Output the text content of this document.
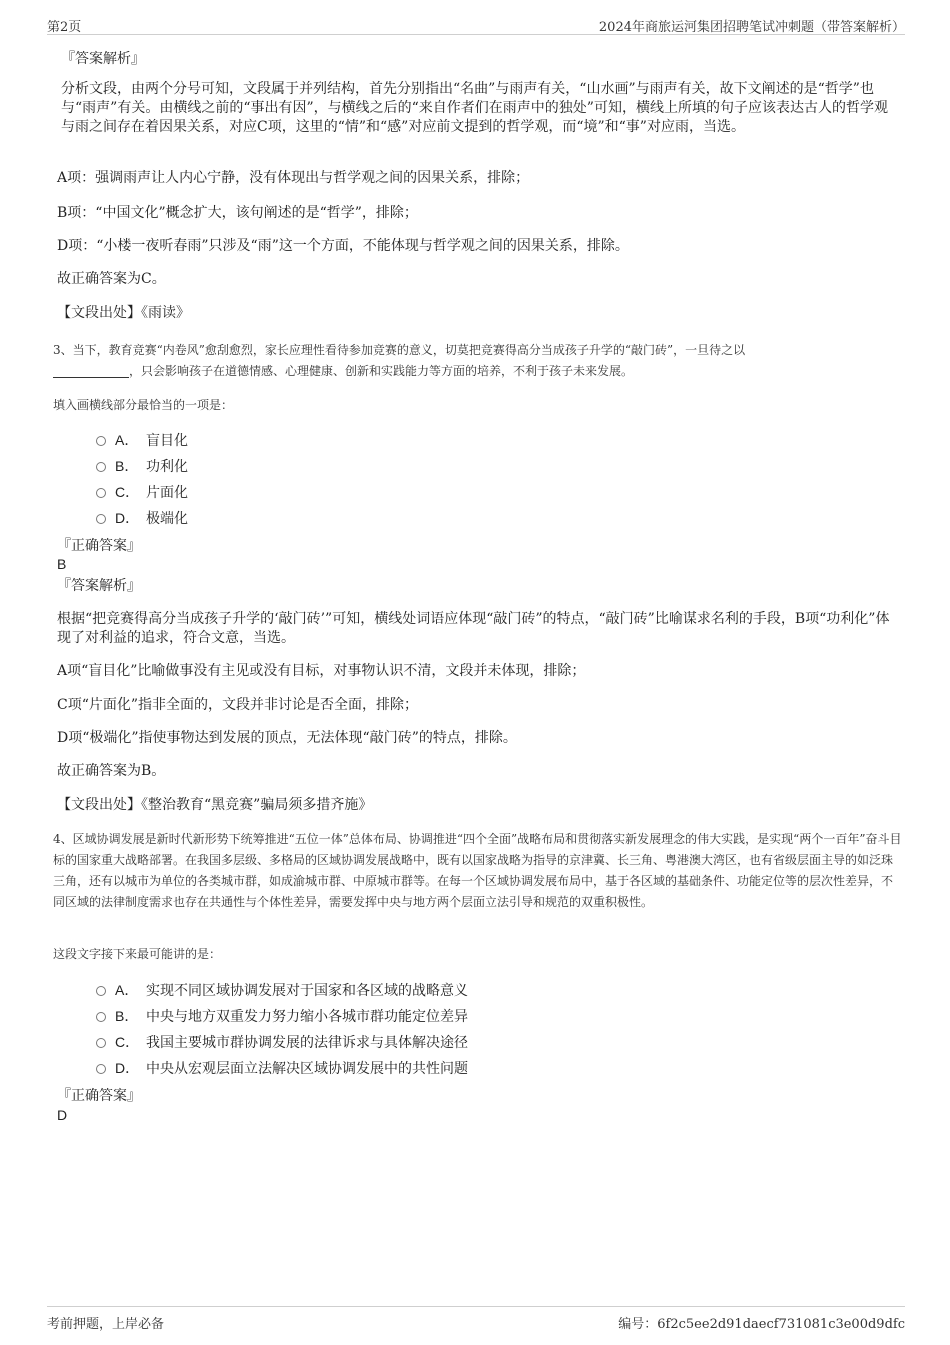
第2页	2024年商旅运河集团招聘笔试冲刺题（带答案解析）
『答案解析』

分析文段，由两个分号可知，文段属于并列结构，首先分别指出“名曲”与雨声有关，“山水画”与雨声有关，故下文阐述的是“哲学”也与“雨声”有关。由横线之前的“事出有因”，与横线之后的“来自作者们在雨声中的独处”可知，横线上所填的句子应该表达古人的哲学观与雨之间存在着因果关系，对应C项，这里的“情”和“感”对应前文提到的哲学观，而“境”和“事”对应雨，当选。

A项：强调雨声让人内心宁静，没有体现出与哲学观之间的因果关系，排除；

B项：“中国文化”概念扩大，该句阐述的是“哲学”，排除；

D项：“小楼一夜听春雨”只涉及“雨”这一个方面，不能体现与哲学观之间的因果关系，排除。

故正确答案为C。

【文段出处】《雨读》

3、当下，教育竞赛“内卷风”愈刮愈烈，家长应理性看待参加竞赛的意义，切莫把竞赛得高分当成孩子升学的“敲门砖”，一旦待之以
，只会影响孩子在道德情感、心理健康、创新和实践能力等方面的培养，不利于孩子未来发展。

填入画横线部分最恰当的一项是：

A． 盲目化
B． 功利化
C． 片面化
D． 极端化
『正确答案』
B
『答案解析』

根据“把竞赛得高分当成孩子升学的‘敲门砖’”可知，横线处词语应体现“敲门砖”的特点，“敲门砖”比喻谋求名利的手段，B项“功利化”体现了对利益的追求，符合文意，当选。

A项“盲目化”比喻做事没有主见或没有目标，对事物认识不清，文段并未体现，排除；

C项“片面化”指非全面的，文段并非讨论是否全面，排除；

D项“极端化”指使事物达到发展的顶点，无法体现“敲门砖”的特点，排除。

故正确答案为B。

【文段出处】《整治教育“黑竞赛”骗局须多措齐施》

4、区域协调发展是新时代新形势下统筹推进“五位一体”总体布局、协调推进“四个全面”战略布局和贯彻落实新发展理念的伟大实践，是实现“两个一百年”奋斗目标的国家重大战略部署。在我国多层级、多格局的区域协调发展战略中，既有以国家战略为指导的京津冀、长三角、粤港澳大湾区，也有省级层面主导的如泛珠三角，还有以城市为单位的各类城市群，如成渝城市群、中原城市群等。在每一个区域协调发展布局中，基于各区域的基础条件、功能定位等的层次性差异，不同区域的法律制度需求也存在共通性与个体性差异，需要发挥中央与地方两个层面立法引导和规范的双重积极性。

这段文字接下来最可能讲的是：

A． 实现不同区域协调发展对于国家和各区域的战略意义
B． 中央与地方双重发力努力缩小各城市群功能定位差异
C． 我国主要城市群协调发展的法律诉求与具体解决途径
D． 中央从宏观层面立法解决区域协调发展中的共性问题
『正确答案』
D
考前押题，上岸必备	编号：6f2c5ee2d91daecf731081c3e00d9dfc
